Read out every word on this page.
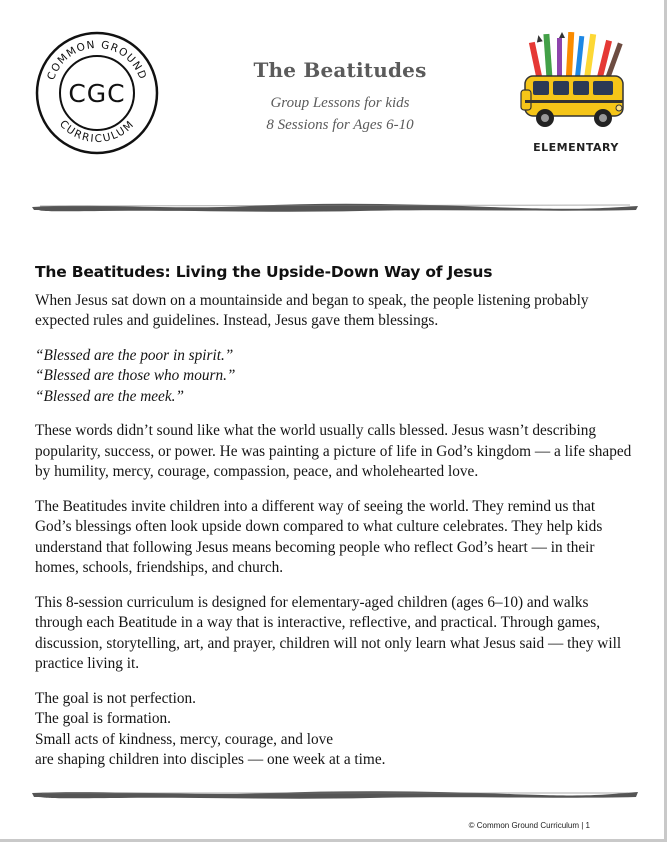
COMMON GROUND
CURRICULUM
CGC
The Beatitudes
Group Lessons for kids
8 Sessions for Ages 6-10
ELEMENTARY
The Beatitudes: Living the Upside-Down Way of Jesus

When Jesus sat down on a mountainside and began to speak, the people listening probably expected rules and guidelines. Instead, Jesus gave them blessings.

“Blessed are the poor in spirit.”
“Blessed are those who mourn.”
“Blessed are the meek.”

These words didn’t sound like what the world usually calls blessed. Jesus wasn’t describing popularity, success, or power. He was painting a picture of life in God’s kingdom — a life shaped by humility, mercy, courage, compassion, peace, and wholehearted love.

The Beatitudes invite children into a different way of seeing the world. They remind us that God’s blessings often look upside down compared to what culture celebrates. They help kids understand that following Jesus means becoming people who reflect God’s heart — in their homes, schools, friendships, and church.

This 8-session curriculum is designed for elementary-aged children (ages 6–10) and walks through each Beatitude in a way that is interactive, reflective, and practical. Through games, discussion, storytelling, art, and prayer, children will not only learn what Jesus said — they will practice living it.

The goal is not perfection.
The goal is formation.
Small acts of kindness, mercy, courage, and love
are shaping children into disciples — one week at a time.
© Common Ground Curriculum | 1
